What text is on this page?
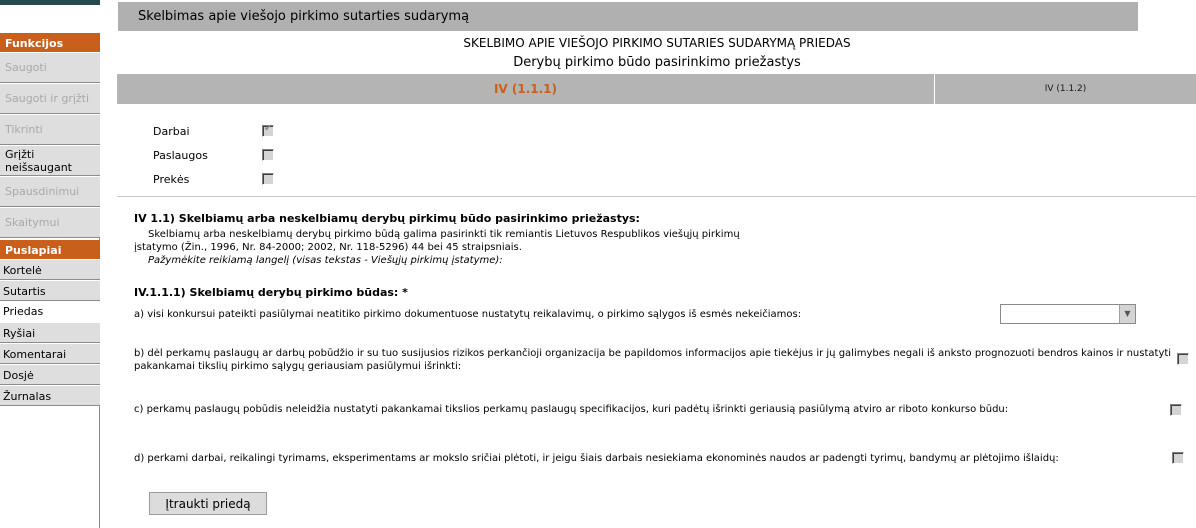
Funkcijos
Saugoti
Saugoti ir grįžti
Tikrinti
Grįžti neišsaugant
Spausdinimui
Skaitymui
Puslapiai
Kortelė
Sutartis
Priedas
Ryšiai
Komentarai
Dosjė
Žurnalas
Skelbimas apie viešojo pirkimo sutarties sudarymą
SKELBIMO APIE VIEŠOJO PIRKIMO SUTARIES SUDARYMĄ PRIEDAS
Derybų pirkimo būdo pasirinkimo priežastys
IV (1.1.1)	IV (1.1.2)
Darbai	✔
Paslaugos
Prekės
IV 1.1) Skelbiamų arba neskelbiamų derybų pirkimų būdo pasirinkimo priežastys:
Skelbiamų arba neskelbiamų derybų pirkimo būdą galima pasirinkti tik remiantis Lietuvos Respublikos viešųjų pirkimų
įstatymo (Žin., 1996, Nr. 84-2000; 2002, Nr. 118-5296) 44 bei 45 straipsniais.
Pažymėkite reikiamą langelį (visas tekstas - Viešųjų pirkimų įstatyme):
IV.1.1.1) Skelbiamų derybų pirkimo būdas: *
a) visi konkursui pateikti pasiūlymai neatitiko pirkimo dokumentuose nustatytų reikalavimų, o pirkimo sąlygos iš esmės nekeičiamos:	▼
b) dėl perkamų paslaugų ar darbų pobūdžio ir su tuo susijusios rizikos perkančioji organizacija be papildomos informacijos apie tiekėjus ir jų galimybes negali iš anksto prognozuoti bendros kainos ir nustatyti
pakankamai tikslių pirkimo sąlygų geriausiam pasiūlymui išrinkti:
c) perkamų paslaugų pobūdis neleidžia nustatyti pakankamai tikslios perkamų paslaugų specifikacijos, kuri padėtų išrinkti geriausią pasiūlymą atviro ar riboto konkurso būdu:
d) perkami darbai, reikalingi tyrimams, eksperimentams ar mokslo sričiai plėtoti, ir jeigu šiais darbais nesiekiama ekonominės naudos ar padengti tyrimų, bandymų ar plėtojimo išlaidų:
Įtraukti priedą
